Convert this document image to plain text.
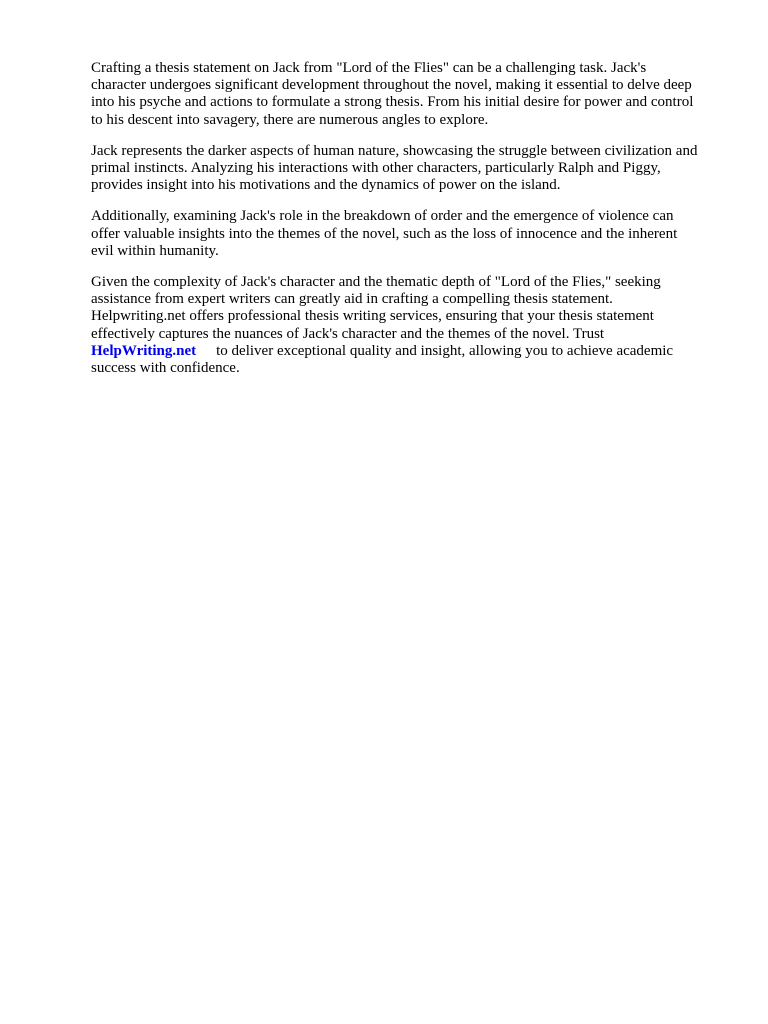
Crafting a thesis statement on Jack from "Lord of the Flies" can be a challenging task. Jack's
character undergoes significant development throughout the novel, making it essential to delve deep
into his psyche and actions to formulate a strong thesis. From his initial desire for power and control
to his descent into savagery, there are numerous angles to explore.

Jack represents the darker aspects of human nature, showcasing the struggle between civilization and
primal instincts. Analyzing his interactions with other characters, particularly Ralph and Piggy,
provides insight into his motivations and the dynamics of power on the island.

Additionally, examining Jack's role in the breakdown of order and the emergence of violence can
offer valuable insights into the themes of the novel, such as the loss of innocence and the inherent
evil within humanity.

Given the complexity of Jack's character and the thematic depth of "Lord of the Flies," seeking
assistance from expert writers can greatly aid in crafting a compelling thesis statement.
Helpwriting.net offers professional thesis writing services, ensuring that your thesis statement
effectively captures the nuances of Jack's character and the themes of the novel. Trust
HelpWriting.net to deliver exceptional quality and insight, allowing you to achieve academic
success with confidence.
